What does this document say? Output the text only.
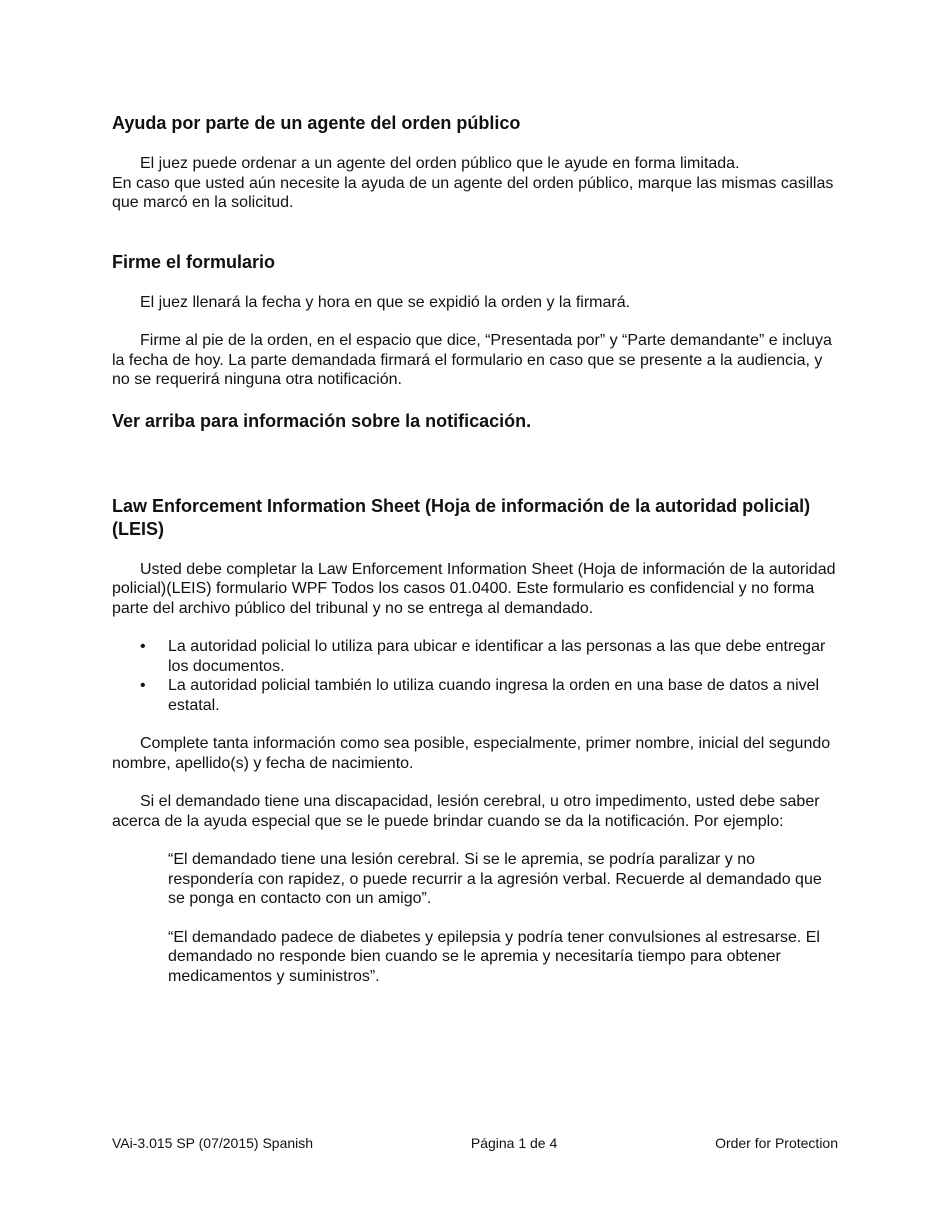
Ayuda por parte de un agente del orden público

El juez puede ordenar a un agente del orden público que le ayude en forma limitada.
En caso que usted aún necesite la ayuda de un agente del orden público, marque las mismas casillas que marcó en la solicitud.

Firme el formulario

El juez llenará la fecha y hora en que se expidió la orden y la firmará.

Firme al pie de la orden, en el espacio que dice, “Presentada por” y “Parte demandante” e incluya la fecha de hoy. La parte demandada firmará el formulario en caso que se presente a la audiencia, y no se requerirá ninguna otra notificación.

Ver arriba para información sobre la notificación.
Law Enforcement Information Sheet (Hoja de información de la autoridad policial) (LEIS)

Usted debe completar la Law Enforcement Information Sheet (Hoja de información de la autoridad policial)(LEIS) formulario WPF Todos los casos 01.0400. Este formulario es confidencial y no forma parte del archivo público del tribunal y no se entrega al demandado.

• La autoridad policial lo utiliza para ubicar e identificar a las personas a las que debe entregar los documentos.
• La autoridad policial también lo utiliza cuando ingresa la orden en una base de datos a nivel estatal.

Complete tanta información como sea posible, especialmente, primer nombre, inicial del segundo nombre, apellido(s) y fecha de nacimiento.

Si el demandado tiene una discapacidad, lesión cerebral, u otro impedimento, usted debe saber acerca de la ayuda especial que se le puede brindar cuando se da la notificación. Por ejemplo:

“El demandado tiene una lesión cerebral. Si se le apremia, se podría paralizar y no respondería con rapidez, o puede recurrir a la agresión verbal. Recuerde al demandado que se ponga en contacto con un amigo”.

“El demandado padece de diabetes y epilepsia y podría tener convulsiones al estresarse. El demandado no responde bien cuando se le apremia y necesitaría tiempo para obtener medicamentos y suministros”.

VAi-3.015 SP (07/2015) Spanish	Página 1 de 4	Order for Protection
